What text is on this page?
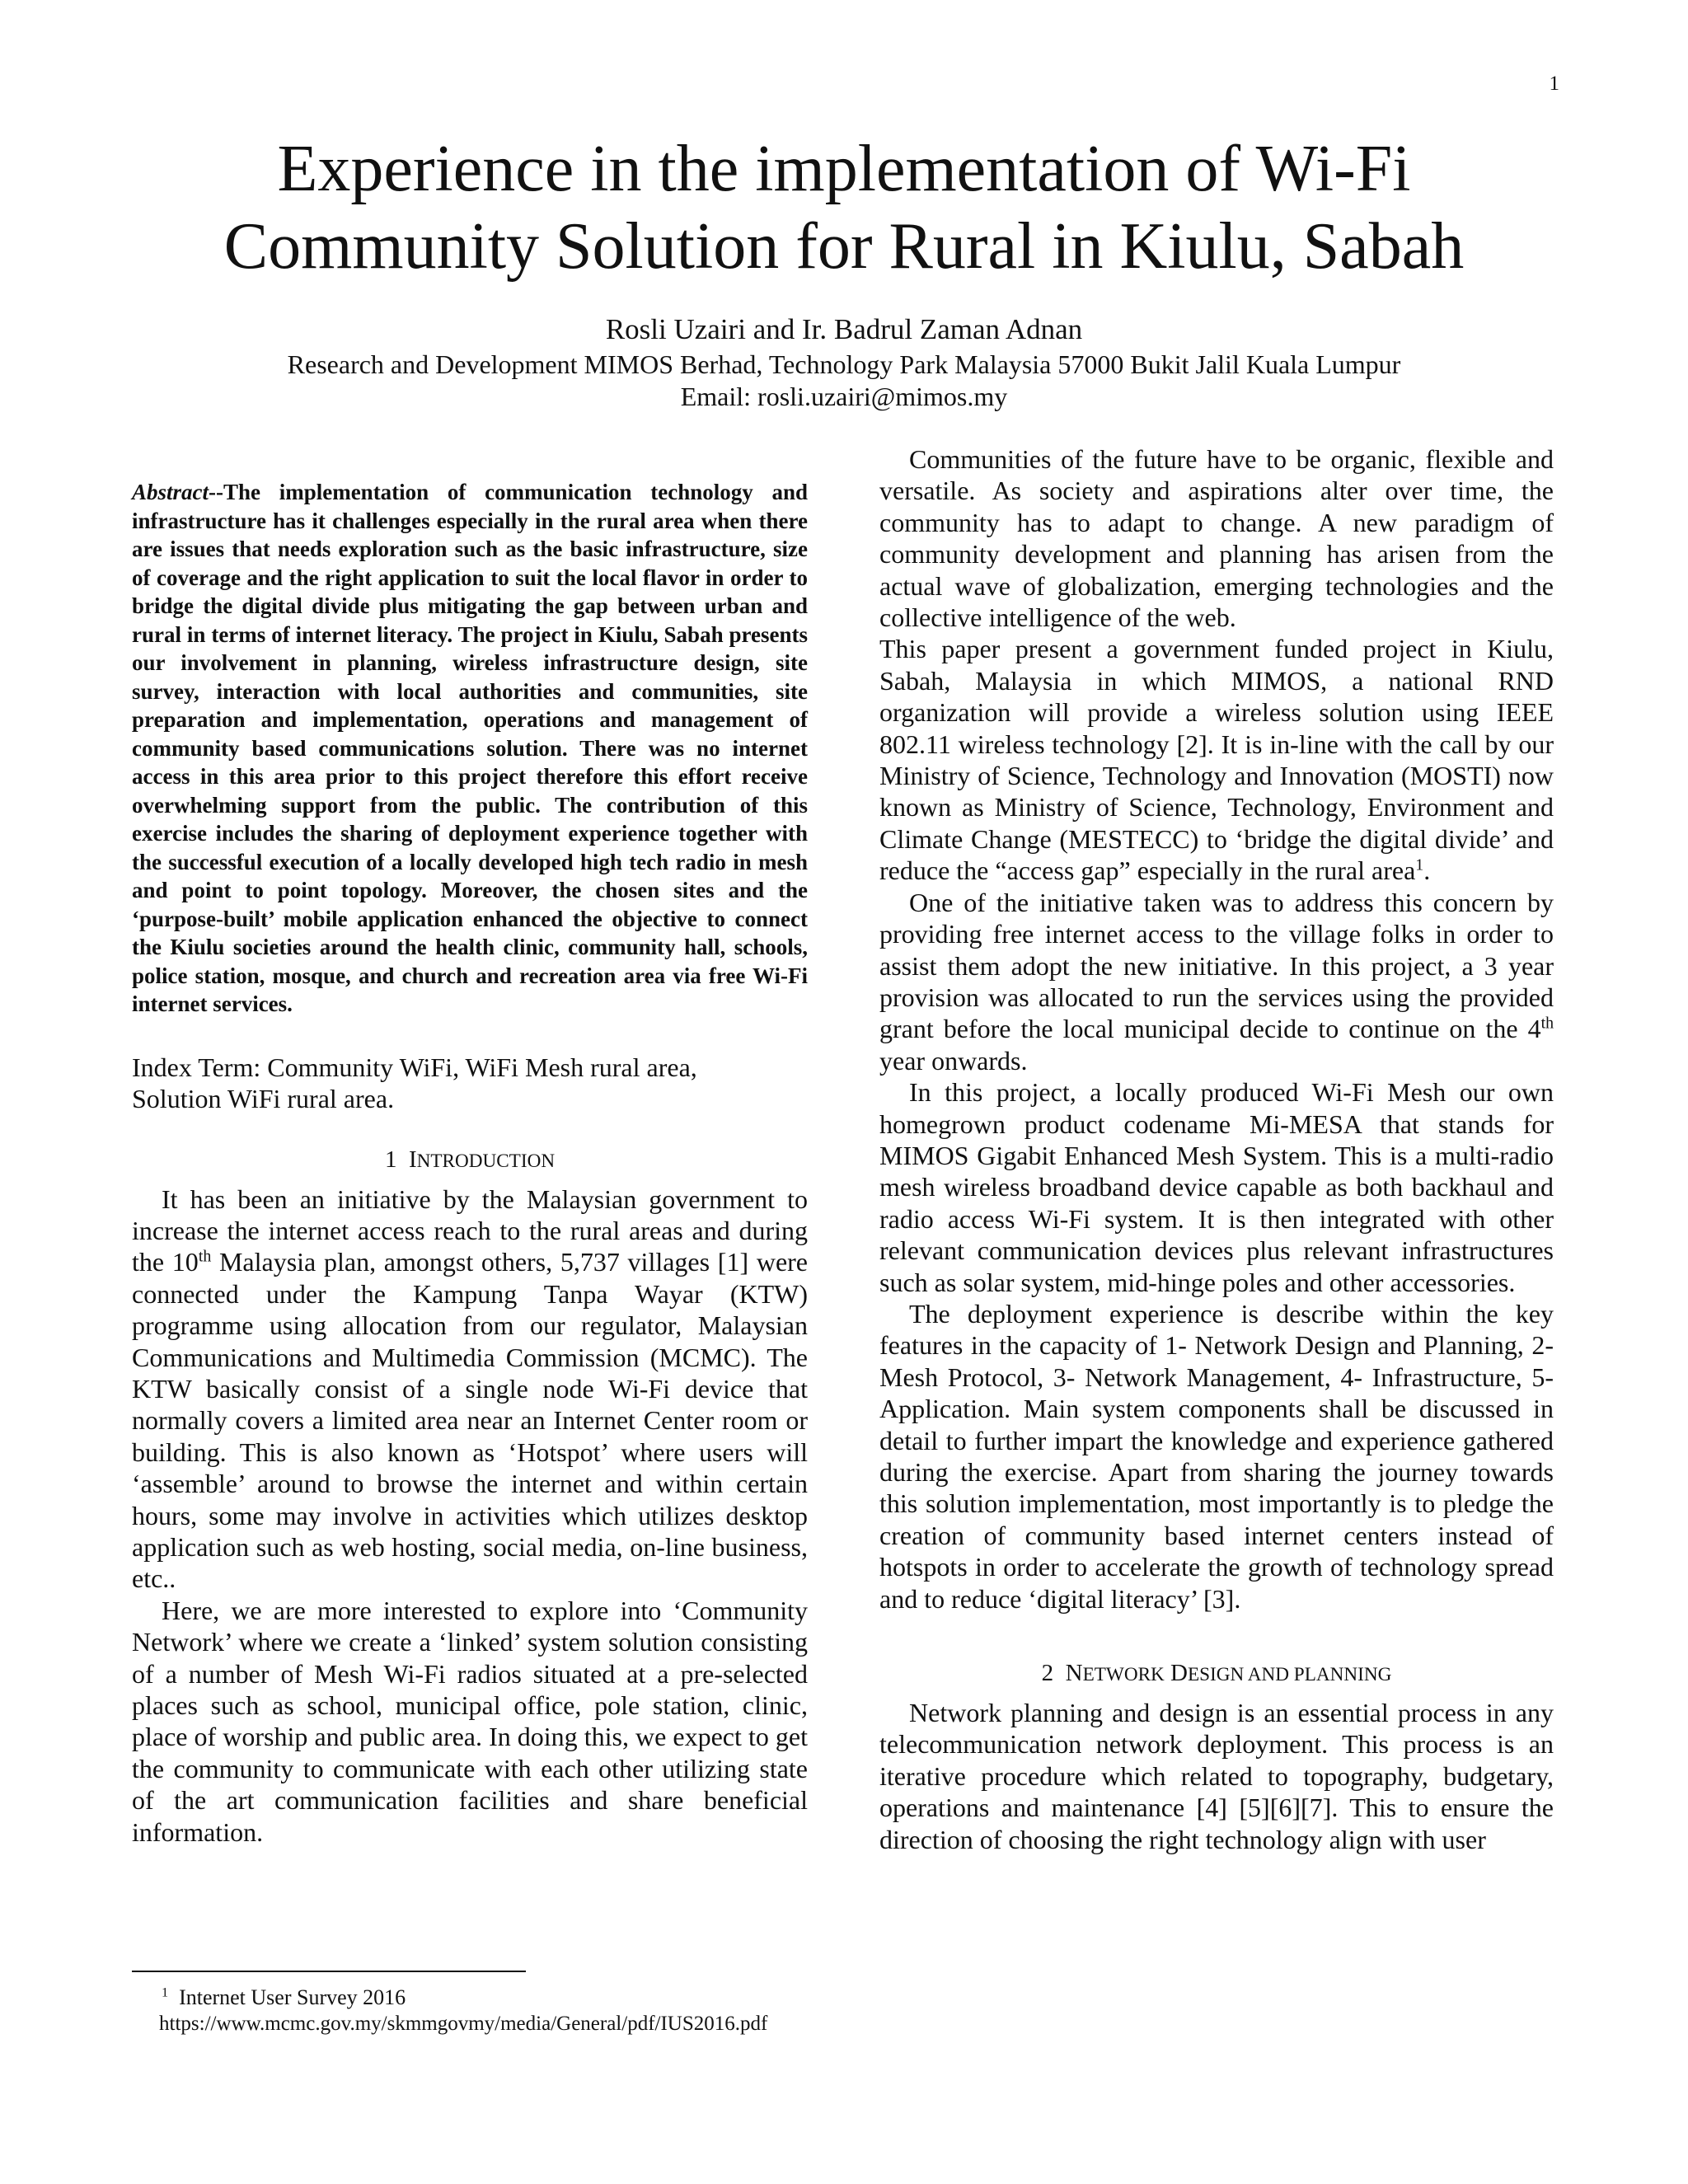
1
Experience in the implementation of Wi-Fi
Community Solution for Rural in Kiulu, Sabah
Rosli Uzairi and Ir. Badrul Zaman Adnan
Research and Development MIMOS Berhad, Technology Park Malaysia 57000 Bukit Jalil Kuala Lumpur
Email: rosli.uzairi@mimos.my

Abstract--The implementation of communication technology and infrastructure has it challenges especially in the rural area when there are issues that needs exploration such as the basic infrastructure, size of coverage and the right application to suit the local flavor in order to bridge the digital divide plus mitigating the gap between urban and rural in terms of internet literacy. The project in Kiulu, Sabah presents our involvement in planning, wireless infrastructure design, site survey, interaction with local authorities and communities, site preparation and implementation, operations and management of community based communications solution. There was no internet access in this area prior to this project therefore this effort receive overwhelming support from the public. The contribution of this exercise includes the sharing of deployment experience together with the successful execution of a locally developed high tech radio in mesh and point to point topology. Moreover, the chosen sites and the ‘purpose-built’ mobile application enhanced the objective to connect the Kiulu societies around the health clinic, community hall, schools, police station, mosque, and church and recreation area via free Wi-Fi internet services.

Index Term: Community WiFi, WiFi Mesh rural area,
Solution WiFi rural area.
1 INTRODUCTION

It has been an initiative by the Malaysian government to increase the internet access reach to the rural areas and during the 10th Malaysia plan, amongst others, 5,737 villages [1] were connected under the Kampung Tanpa Wayar (KTW) programme using allocation from our regulator, Malaysian Communications and Multimedia Commission (MCMC). The KTW basically consist of a single node Wi-Fi device that normally covers a limited area near an Internet Center room or building. This is also known as ‘Hotspot’ where users will ‘assemble’ around to browse the internet and within certain hours, some may involve in activities which utilizes desktop application such as web hosting, social media, on-line business, etc..

Here, we are more interested to explore into ‘Community Network’ where we create a ‘linked’ system solution consisting of a number of Mesh Wi-Fi radios situated at a pre-selected places such as school, municipal office, pole station, clinic, place of worship and public area. In doing this, we expect to get the community to communicate with each other utilizing state of the art communication facilities and share beneficial information.

Communities of the future have to be organic, flexible and versatile. As society and aspirations alter over time, the community has to adapt to change. A new paradigm of community development and planning has arisen from the actual wave of globalization, emerging technologies and the collective intelligence of the web.

This paper present a government funded project in Kiulu, Sabah, Malaysia in which MIMOS, a national RND organization will provide a wireless solution using IEEE 802.11 wireless technology [2]. It is in-line with the call by our Ministry of Science, Technology and Innovation (MOSTI) now known as Ministry of Science, Technology, Environment and Climate Change (MESTECC) to ‘bridge the digital divide’ and reduce the “access gap” especially in the rural area$^1$.

One of the initiative taken was to address this concern by providing free internet access to the village folks in order to assist them adopt the new initiative. In this project, a 3 year provision was allocated to run the services using the provided grant before the local municipal decide to continue on the 4th year onwards.

In this project, a locally produced Wi-Fi Mesh our own homegrown product codename Mi-MESA that stands for MIMOS Gigabit Enhanced Mesh System. This is a multi-radio mesh wireless broadband device capable as both backhaul and radio access Wi-Fi system. It is then integrated with other relevant communication devices plus relevant infrastructures such as solar system, mid-hinge poles and other accessories.

The deployment experience is describe within the key features in the capacity of 1- Network Design and Planning, 2- Mesh Protocol, 3- Network Management, 4- Infrastructure, 5- Application. Main system components shall be discussed in detail to further impart the knowledge and experience gathered during the exercise. Apart from sharing the journey towards this solution implementation, most importantly is to pledge the creation of community based internet centers instead of hotspots in order to accelerate the growth of technology spread and to reduce ‘digital literacy’ [3].

2 NETWORK DESIGN AND PLANNING

Network planning and design is an essential process in any telecommunication network deployment. This process is an iterative procedure which related to topography, budgetary, operations and maintenance [4] [5][6][7]. This to ensure the direction of choosing the right technology align with user

$^1$ Internet User Survey 2016
https://www.mcmc.gov.my/skmmgovmy/media/General/pdf/IUS2016.pdf
